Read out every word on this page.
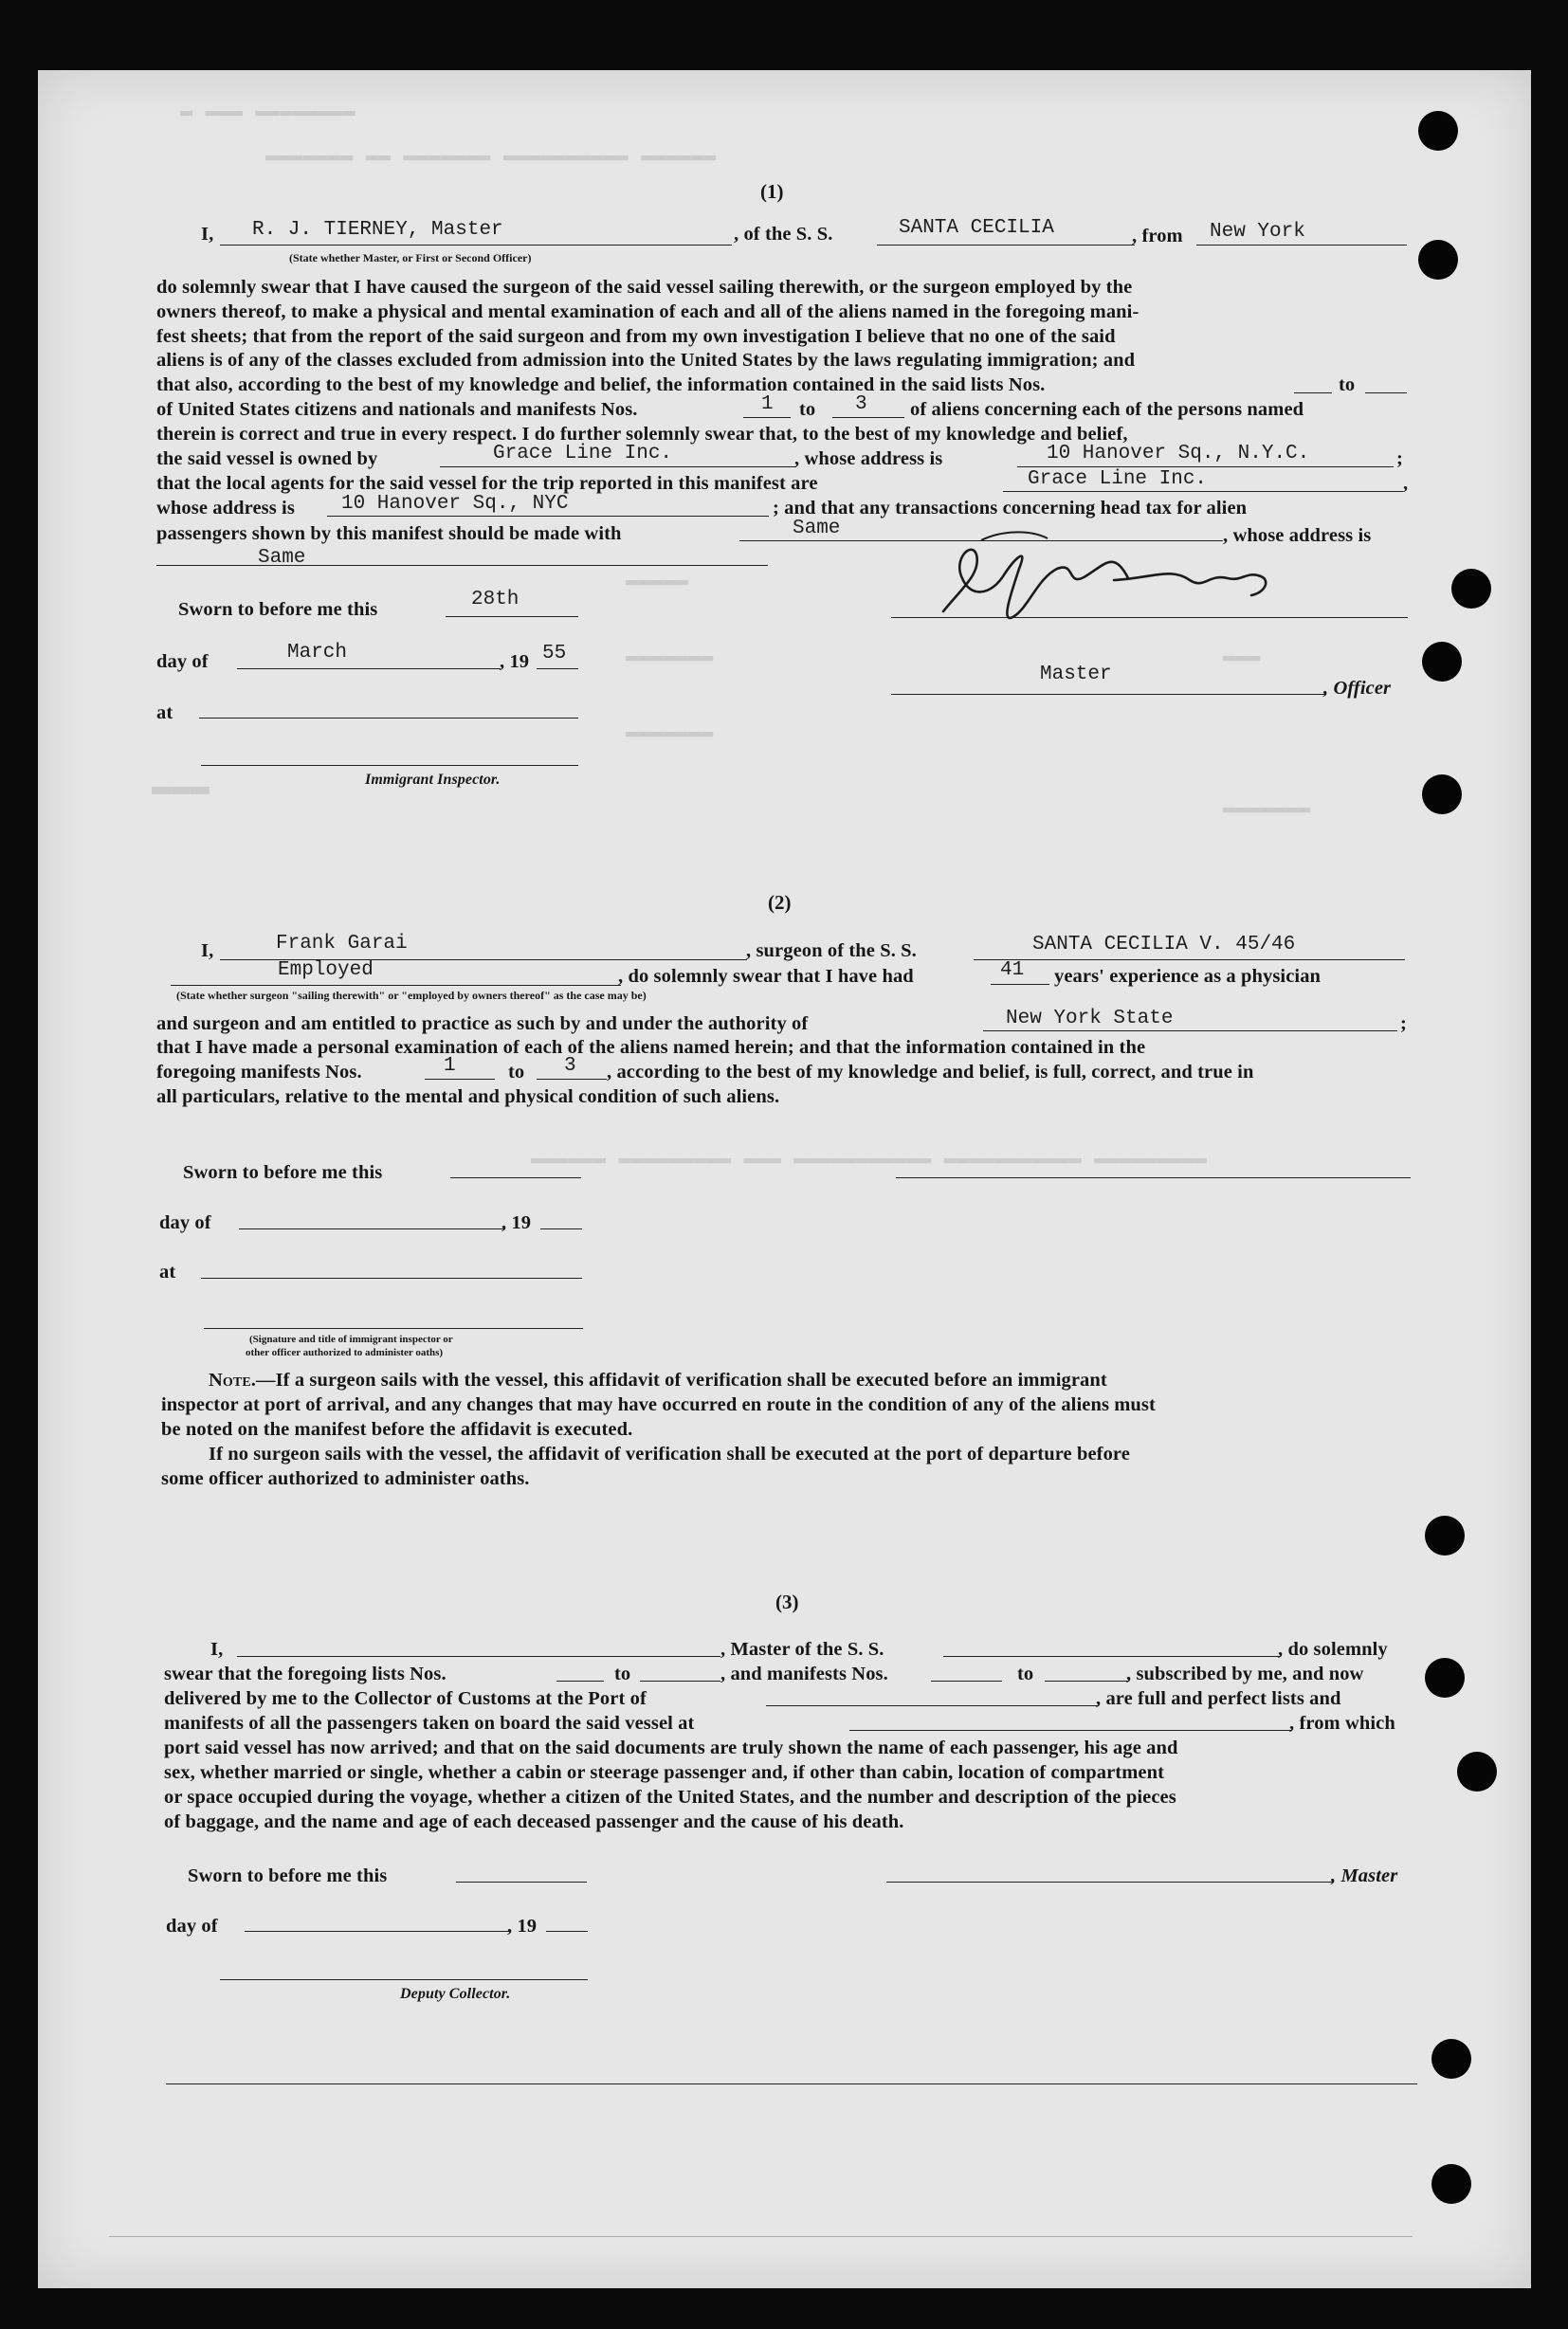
▬ ▬▬▬ ▬▬▬▬▬▬▬▬
▬▬▬▬▬▬▬ ▬▬ ▬▬▬▬▬▬▬ ▬▬▬▬▬▬▬▬▬▬ ▬▬▬▬▬▬
▬▬▬▬▬
▬▬▬▬▬▬▬
▬▬▬▬▬▬▬
▬▬▬
▬▬▬▬▬▬▬
▬▬▬
▬▬▬▬▬▬ ▬▬▬▬▬▬▬▬▬ ▬▬▬ ▬▬▬▬▬▬▬▬▬▬▬ ▬▬▬▬▬▬▬▬▬▬▬ ▬▬▬▬▬▬▬▬▬
(1)
I, R. J. TIERNEY, Master
(State whether Master, or First or Second Officer)
, of the S. S.	SANTA CECILIA	, from New York
do solemnly swear that I have caused the surgeon of the said vessel sailing therewith, or the surgeon employed by the
owners thereof, to make a physical and mental examination of each and all of the aliens named in the foregoing mani-
fest sheets; that from the report of the said surgeon and from my own investigation I believe that no one of the said
aliens is of any of the classes excluded from admission into the United States by the laws regulating immigration; and
that also, according to the best of my knowledge and belief, the information contained in the said lists Nos.	to
of United States citizens and nationals and manifests Nos.	1 to 3 of aliens concerning each of the persons named
therein is correct and true in every respect. I do further solemnly swear that, to the best of my knowledge and belief,
the said vessel is owned by	Grace Line Inc.	, whose address is	10 Hanover Sq., N.Y.C.	;
that the local agents for the said vessel for the trip reported in this manifest are	Grace Line Inc.	,
whose address is 10 Hanover Sq., NYC	; and that any transactions concerning head tax for alien
passengers shown by this manifest should be made with	Same	, whose address is
Same
Sworn to before me this	28th
day of	March	, 19 55
at
Immigrant Inspector.
Master
, Officer
(2)
I,	Frank Garai	, surgeon of the S. S.	SANTA CECILIA V. 45/46
Employed	, do solemnly swear that I have had	41 years' experience as a physician
(State whether surgeon "sailing therewith" or "employed by owners thereof" as the case may be)
and surgeon and am entitled to practice as such by and under the authority of	New York State	;
that I have made a personal examination of each of the aliens named herein; and that the information contained in the
foregoing manifests Nos.	1	to 3 , according to the best of my knowledge and belief, is full, correct, and true in
all particulars, relative to the mental and physical condition of such aliens.
Sworn to before me this
day of	, 19
at
(Signature and title of immigrant inspector or
other officer authorized to administer oaths)
Note.—If a surgeon sails with the vessel, this affidavit of verification shall be executed before an immigrant
inspector at port of arrival, and any changes that may have occurred en route in the condition of any of the aliens must
be noted on the manifest before the affidavit is executed.
If no surgeon sails with the vessel, the affidavit of verification shall be executed at the port of departure before
some officer authorized to administer oaths.
(3)
I,	, Master of the S. S.	, do solemnly
swear that the foregoing lists Nos.	to	, and manifests Nos.	to	, subscribed by me, and now
delivered by me to the Collector of Customs at the Port of	, are full and perfect lists and
manifests of all the passengers taken on board the said vessel at	, from which
port said vessel has now arrived; and that on the said documents are truly shown the name of each passenger, his age and
sex, whether married or single, whether a cabin or steerage passenger and, if other than cabin, location of compartment
or space occupied during the voyage, whether a citizen of the United States, and the number and description of the pieces
of baggage, and the name and age of each deceased passenger and the cause of his death.
Sworn to before me this	, Master
day of	, 19
Deputy Collector.
